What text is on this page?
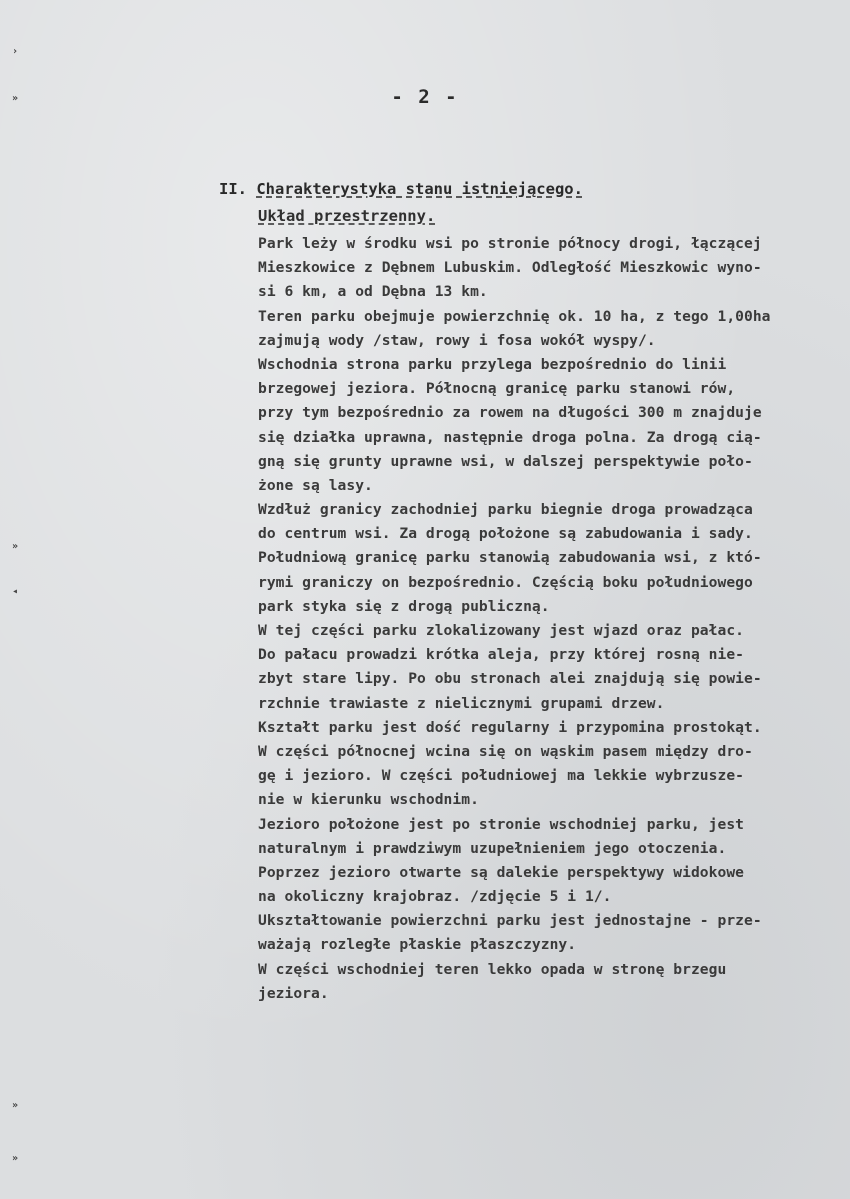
›
»
»
◂
»
»
- 2 -
II. Charakterystyka stanu istniejącego.
Układ przestrzenny.
Park leży w środku wsi po stronie północy drogi, łączącej
Mieszkowice z Dębnem Lubuskim. Odległość Mieszkowic wyno-
si 6 km, a od Dębna 13 km.
Teren parku obejmuje powierzchnię ok. 10 ha, z tego 1,00ha
zajmują wody /staw, rowy i fosa wokół wyspy/.
Wschodnia strona parku przylega bezpośrednio do linii
brzegowej jeziora. Północną granicę parku stanowi rów,
przy tym bezpośrednio za rowem na długości 300 m znajduje
się działka uprawna, następnie droga polna. Za drogą cią-
gną się grunty uprawne wsi, w dalszej perspektywie poło-
żone są lasy.
Wzdłuż granicy zachodniej parku biegnie droga prowadząca
do centrum wsi. Za drogą położone są zabudowania i sady.
Południową granicę parku stanowią zabudowania wsi, z któ-
rymi graniczy on bezpośrednio. Częścią boku południowego
park styka się z drogą publiczną.
W tej części parku zlokalizowany jest wjazd oraz pałac.
Do pałacu prowadzi krótka aleja, przy której rosną nie-
zbyt stare lipy. Po obu stronach alei znajdują się powie-
rzchnie trawiaste z nielicznymi grupami drzew.
Kształt parku jest dość regularny i przypomina prostokąt.
W części północnej wcina się on wąskim pasem między dro-
gę i jezioro. W części południowej ma lekkie wybrzusze-
nie w kierunku wschodnim.
Jezioro położone jest po stronie wschodniej parku, jest
naturalnym i prawdziwym uzupełnieniem jego otoczenia.
Poprzez jezioro otwarte są dalekie perspektywy widokowe
na okoliczny krajobraz. /zdjęcie 5 i 1/.
Ukształtowanie powierzchni parku jest jednostajne - prze-
ważają rozległe płaskie płaszczyzny.
W części wschodniej teren lekko opada w stronę brzegu
jeziora.
